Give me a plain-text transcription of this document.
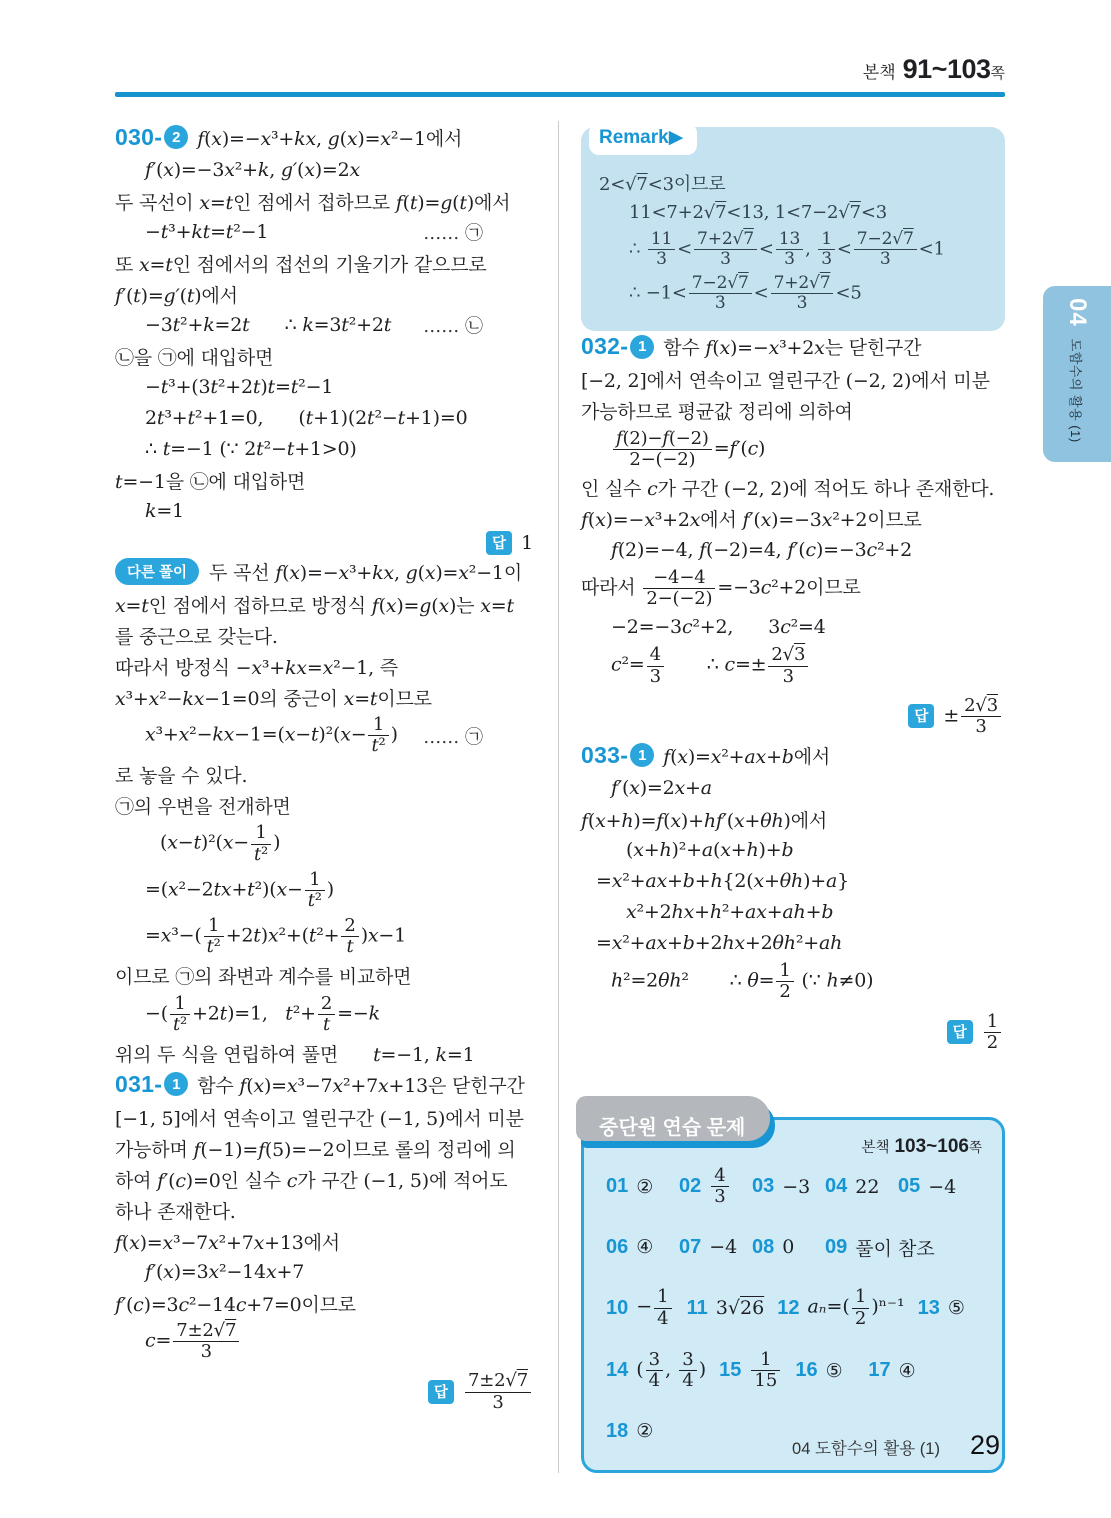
본책 91~103 쪽
030- 2 f(x)=−x³+kx, g(x)=x²−1에서
f′(x)=−3x²+k, g′(x)=2x
두 곡선이 x=t인 점에서 접하므로 f(t)=g(t)에서
−t³+kt=t²−1	…… ㉠
또 x=t인 점에서의 접선의 기울기가 같으므로
f′(t)=g′(t)에서
−3t²+k=2t      ∴ k=3t²+2t …… ㉡
㉡을 ㉠에 대입하면
−t³+(3t²+2t)t=t²−1
2t³+t²+1=0,      (t+1)(2t²−t+1)=0
∴ t=−1 (∵ 2t²−t+1>0)
t=−1을 ㉡에 대입하면
k=1
답 1
다른 풀이	두 곡선 f(x)=−x³+kx, g(x)=x²−1이
x=t인 점에서 접하므로 방정식 f(x)=g(x)는 x=t
를 중근으로 갖는다.
따라서 방정식 −x³+kx=x²−1, 즉
x³+x²−kx−1=0의 중근이 x=t이므로
$x^3+x^2-kx-1=(x-t)^2(x- \frac{1}{\text{t²}}$ ) …… ㉠
로 놓을 수 있다.
㉠의 우변을 전개하면
$(x-t)^2(x- \frac{1}{\text{t²}}$ )
$=(x^2-2tx+t^2)(x- \frac{1}{\text{t²}}$ )
$=x^3-( \frac{1}{\text{t²}} +2t)x^2+(t^2+ \frac{2}{t} )x-1$
이므로 ㉠의 좌변과 계수를 비교하면
−( $\frac{1}{\text{t²}} +2t)=1$,   $t^2+ \frac{2}{t} =-k$
위의 두 식을 연립하여 풀면      t=−1, k=1
031- 1 함수 f(x)=x³−7x²+7x+13은 닫힌구간
[−1, 5]에서 연속이고 열린구간 (−1, 5)에서 미분
가능하며 f(−1)=f(5)=−2이므로 롤의 정리에 의
하여 f′(c)=0인 실수 c가 구간 (−1, 5)에 적어도
하나 존재한다.
f(x)=x³−7x²+7x+13에서
f′(x)=3x²−14x+7
f′(c)=3c²−14c+7=0이므로
$c= \frac{7\pm 2√7}{3}$
답 $\frac{7\pm 2√7}{3}$
Remark▶
2<√7<3이므로
11<7+2√7<13, 1<7−2√7<3
∴ $\frac{11}{3} < \frac{7+2√7}{3} < \frac{13}{3}$ , $\frac{1}{3} < \frac{7-2√7}{3} <1$
∴ $-1< \frac{7-2√7}{3} < \frac{7+2√7}{3} <5$
032- 1 함수 f(x)=−x³+2x는 닫힌구간
[−2, 2]에서 연속이고 열린구간 (−2, 2)에서 미분
가능하므로 평균값 정리에 의하여
$\frac{f(2)-f(-2)}{2-(-2)} =f'(c)$
인 실수 c가 구간 (−2, 2)에 적어도 하나 존재한다.
f(x)=−x³+2x에서 f′(x)=−3x²+2이므로
f(2)=−4, f(−2)=4, f′(c)=−3c²+2
따라서 $\frac{-4-4}{2-(-2)} =-3c^2+2$이므로
−2=−3c²+2,      3c²=4
$c^2= \frac{4}{3}$ ∴ $c=\pm \frac{2√3}{3}$
답 ± $\frac{2√3}{3}$
033- 1 f(x)=x²+ax+b에서
f′(x)=2x+a
f(x+h)=f(x)+hf′(x+θh)에서
(x+h)²+a(x+h)+b
=x²+ax+b+h{2(x+θh)+a}
x²+2hx+h²+ax+ah+b
=x²+ax+b+2hx+2θh²+ah
h²=2θh²       ∴ $\theta= \frac{1}{2}$ (∵ h≠0)
답 $\frac{1}{2}$
중단원 연습 문제
본책 103~106 쪽
01 ② $02 \frac{4}{3} 03 -3$ 04 22 05 −4
06 ④ 07 −4 08 0 09 풀이 참조
$10 - \frac{1}{4} 11$ 3√26 12 $a_n=( \frac{1}{2} )^{n-1}$ 13 ⑤
14 ( $\frac{3}{4}$ , $\frac{3}{4}$ ) $15 \frac{1}{15} 16$ ⑤ 17 ④
18 ②
04
도함수의 활용 (1)
04 도함수의 활용 (1) 29
